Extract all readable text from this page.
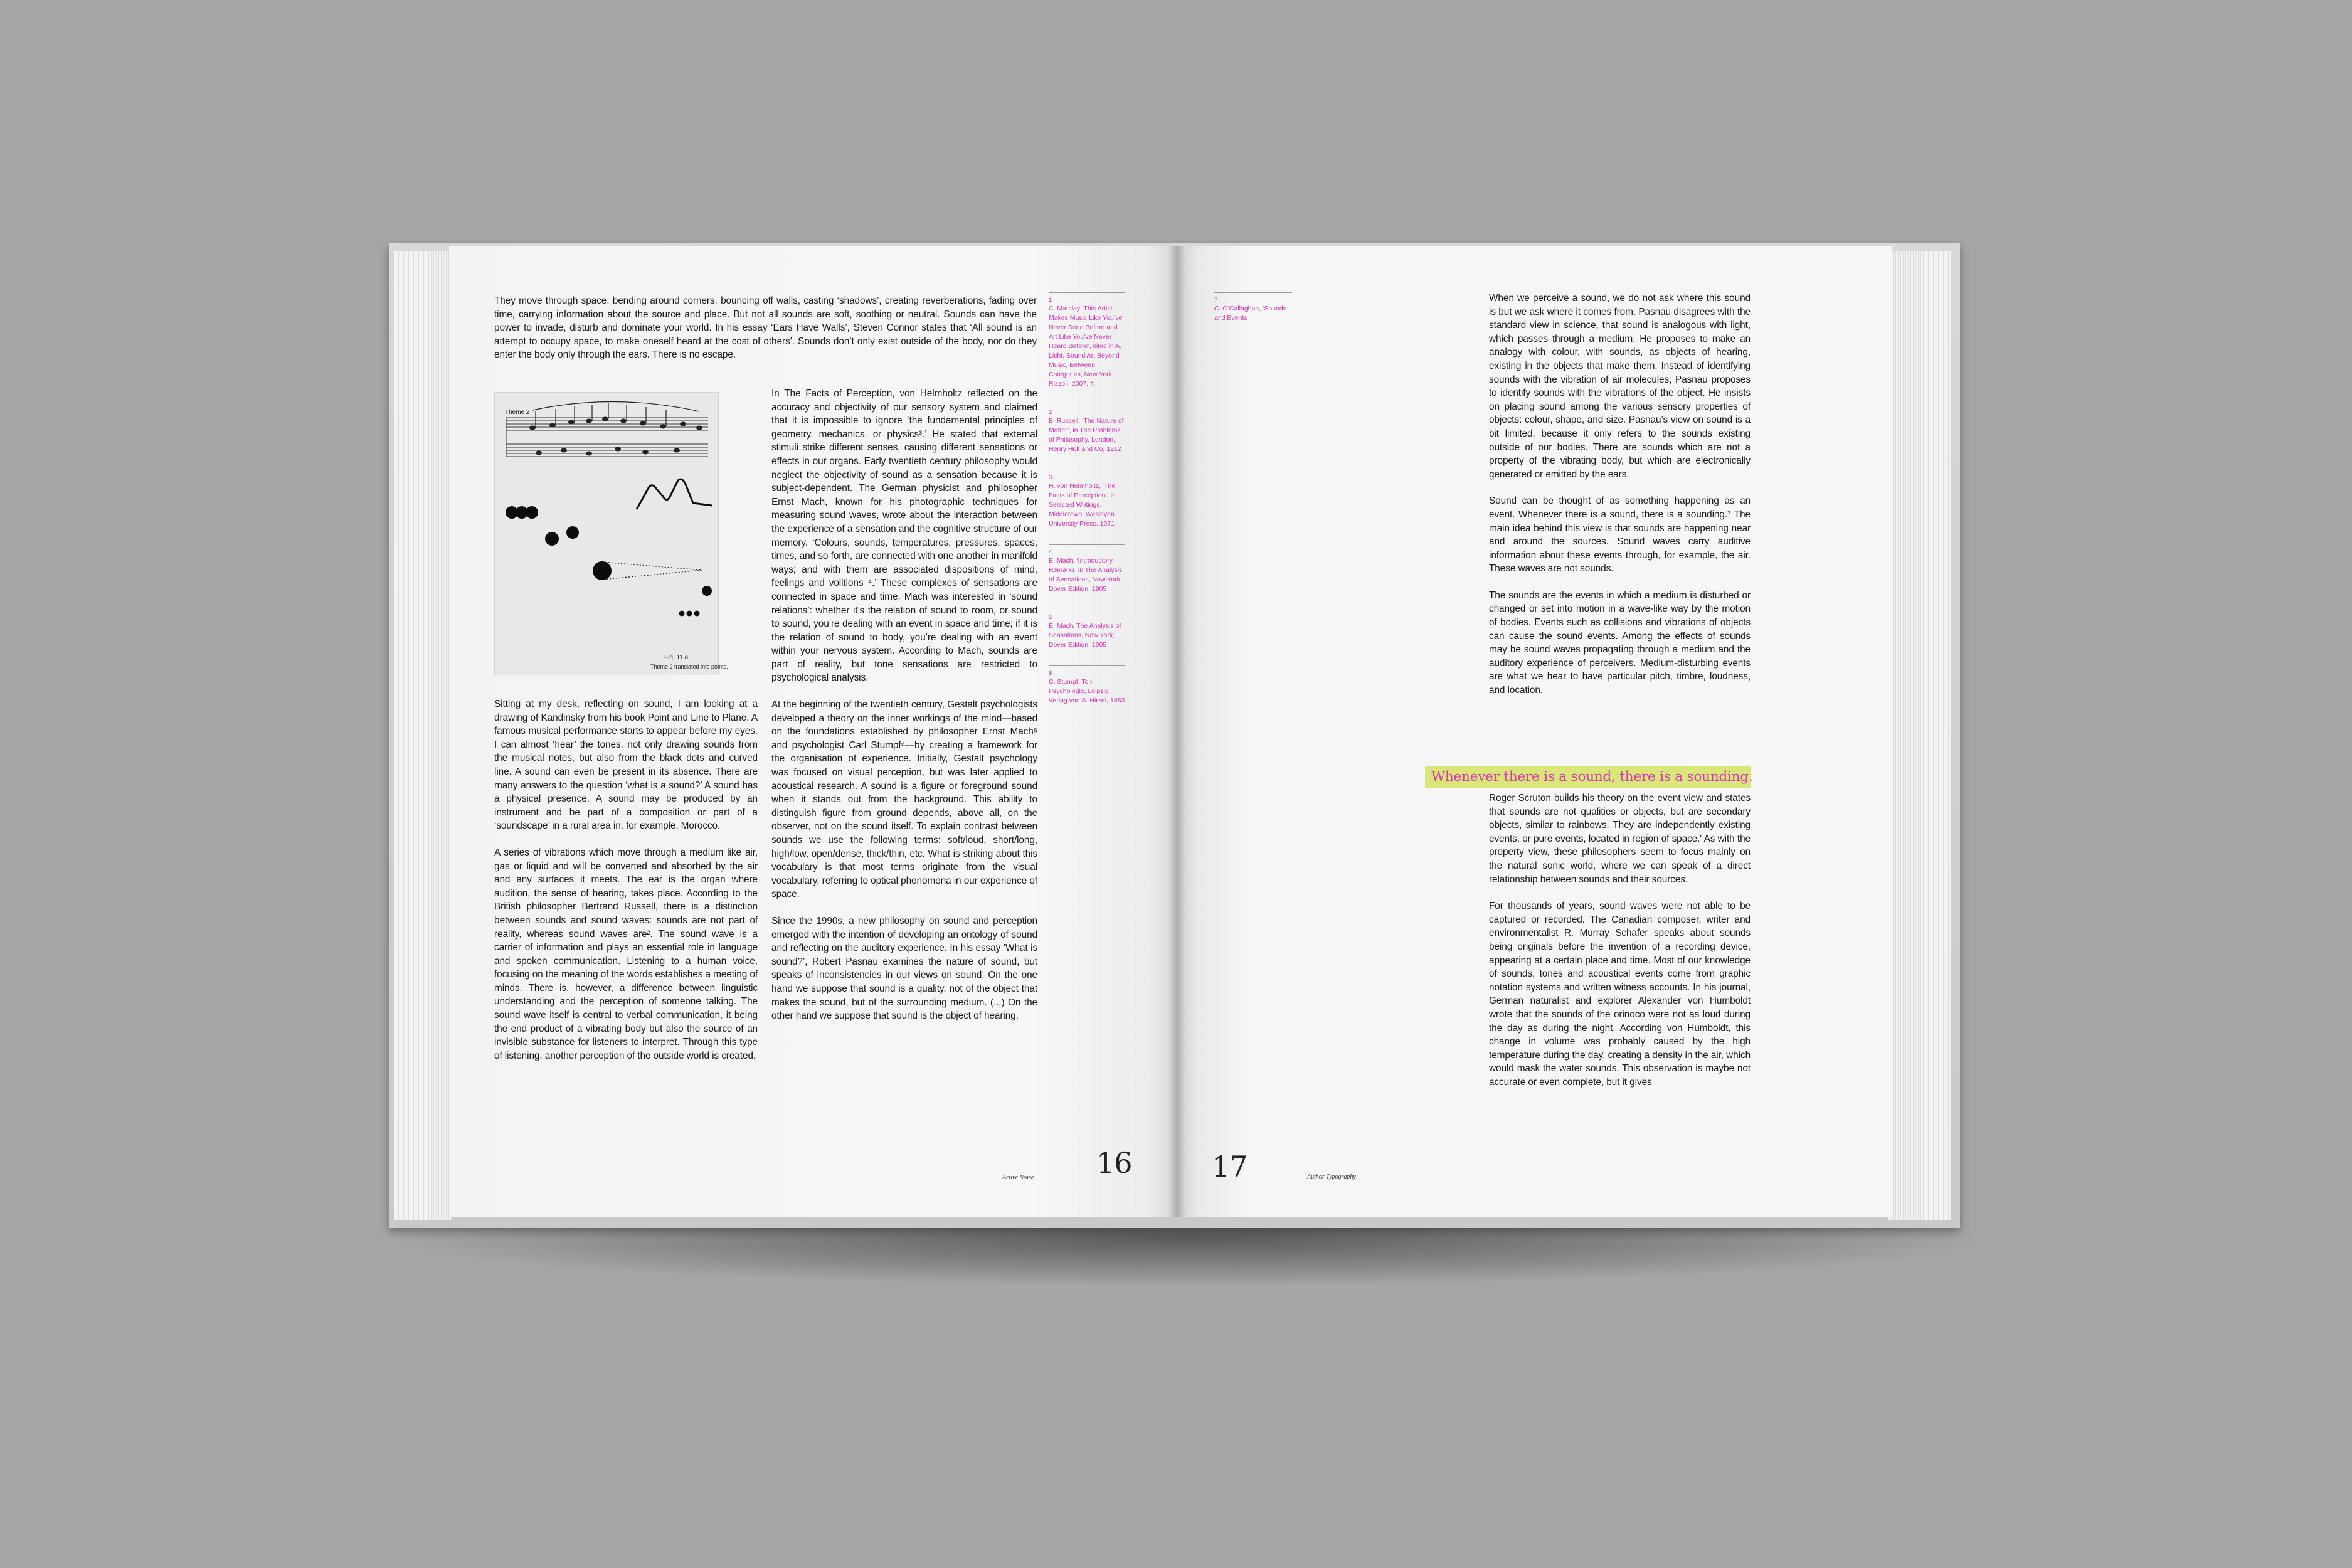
They move through space, bending around corners, bouncing off walls, casting ‘shadows’, creating reverberations, fading over time, carrying information about the source and place. But not all sounds are soft, soothing or neutral. Sounds can have the power to invade, disturb and dominate your world. In his essay ‘Ears Have Walls’, Steven Connor states that ‘All sound is an attempt to occupy space, to make oneself heard at the cost of others’. Sounds don’t only exist outside of the body, nor do they enter the body only through the ears. There is no escape.

Theme 2
Fig. 11 a
Theme 2 translated into points.

Sitting at my desk, reflecting on sound, I am looking at a drawing of Kandinsky from his book Point and Line to Plane. A famous musical performance starts to appear before my eyes. I can almost ‘hear’ the tones, not only drawing sounds from the musical notes, but also from the black dots and curved line. A sound can even be present in its absence. There are many answers to the question ‘what is a sound?’ A sound has a physical presence. A sound may be produced by an instrument and be part of a composition or part of a ‘soundscape’ in a rural area in, for example, Morocco.

A series of vibrations which move through a medium like air, gas or liquid and will be converted and absorbed by the air and any surfaces it meets. The ear is the organ where audition, the sense of hearing, takes place. According to the British philosopher Bertrand Russell, there is a distinction between sounds and sound waves: sounds are not part of reality, whereas sound waves are². The sound wave is a carrier of information and plays an essential role in language and spoken communication. Listening to a human voice, focusing on the meaning of the words establishes a meeting of minds. There is, however, a difference between linguistic understanding and the perception of someone talking. The sound wave itself is central to verbal communication, it being the end product of a vibrating body but also the source of an invisible substance for listeners to interpret. Through this type of listening, another perception of the outside world is created.

In The Facts of Perception, von Helmholtz reflected on the accuracy and objectivity of our sensory system and claimed that it is impossible to ignore ‘the fundamental principles of geometry, mechanics, or physics³.’ He stated that external stimuli strike different senses, causing different sensations or effects in our organs. Early twentieth century philosophy would neglect the objectivity of sound as a sensation because it is subject-dependent. The German physicist and philosopher Ernst Mach, known for his photographic techniques for measuring sound waves, wrote about the interaction between the experience of a sensation and the cognitive structure of our memory. ‘Colours, sounds, temperatures, pressures, spaces, times, and so forth, are connected with one another in manifold ways; and with them are associated dispositions of mind, feelings and volitions ⁴.’ These complexes of sensations are connected in space and time. Mach was interested in ‘sound relations’: whether it’s the relation of sound to room, or sound to sound, you’re dealing with an event in space and time; if it is the relation of sound to body, you’re dealing with an event within your nervous system. According to Mach, sounds are part of reality, but tone sensations are restricted to psychological analysis.

At the beginning of the twentieth century, Gestalt psychologists developed a theory on the inner workings of the mind—based on the foundations established by philosopher Ernst Mach⁵ and psychologist Carl Stumpf⁶—by creating a framework for the organisation of experience. Initially, Gestalt psychology was focused on visual perception, but was later applied to acoustical research. A sound is a figure or foreground sound when it stands out from the background. This ability to distinguish figure from ground depends, above all, on the observer, not on the sound itself. To explain contrast between sounds we use the following terms: soft/loud, short/long, high/low, open/dense, thick/thin, etc. What is striking about this vocabulary is that most terms originate from the visual vocabulary, referring to optical phenomena in our experience of space.

Since the 1990s, a new philosophy on sound and perception emerged with the intention of developing an ontology of sound and reflecting on the auditory experience. In his essay ‘What is sound?’, Robert Pasnau examines the nature of sound, but speaks of inconsistencies in our views on sound: On the one hand we suppose that sound is a quality, not of the object that makes the sound, but of the surrounding medium. (...) On the other hand we suppose that sound is the object of hearing.

1
C. Marclay ‘This Artist Makes Music Like You’ve Never Seen Before and Art Like You’ve Never Heard Before’, cited in A. Licht, Sound Art Beyond Music, Between Categories, New York, Rizzoli, 2007, ff.
2
B. Russell, ‘The Nature of Matter’, in The Problems of Philosophy, London, Henry Holt and Co, 1912
3
H. von Helmholtz, ‘The Facts of Perception’, in Selected Writings, Middletown, Wesleyan University Press, 1971
4
E. Mach, ‘Introductory Remarks’ in The Analysis of Sensations, New York, Dover Edition, 1905
5
E. Mach, The Analysis of Sensations, New York, Dover Edition, 1905
6
C. Stumpf, Ton Psychologie, Leipzig, Verlag von S. Hirzel, 1883
Active Noise 16
7
C. O’Callaghan, ‘Sounds and Events’

When we perceive a sound, we do not ask where this sound is but we ask where it comes from. Pasnau disagrees with the standard view in science, that sound is analogous with light, which passes through a medium. He proposes to make an analogy with colour, with sounds, as objects of hearing, existing in the objects that make them. Instead of identifying sounds with the vibration of air molecules, Pasnau proposes to identify sounds with the vibrations of the object. He insists on placing sound among the various sensory properties of objects: colour, shape, and size. Pasnau’s view on sound is a bit limited, because it only refers to the sounds existing outside of our bodies. There are sounds which are not a property of the vibrating body, but which are electronically generated or emitted by the ears.

Sound can be thought of as something happening as an event. Whenever there is a sound, there is a sounding.⁷ The main idea behind this view is that sounds are happening near and around the sources. Sound waves carry auditive information about these events through, for example, the air. These waves are not sounds.

The sounds are the events in which a medium is disturbed or changed or set into motion in a wave-like way by the motion of bodies. Events such as collisions and vibrations of objects can cause the sound events. Among the effects of sounds may be sound waves propagating through a medium and the auditory experience of perceivers. Medium-disturbing events are what we hear to have particular pitch, timbre, loudness, and location.

Whenever there is a sound, there is a sounding.

Roger Scruton builds his theory on the event view and states that sounds are not qualities or objects, but are secondary objects, similar to rainbows. They are independently existing events, or pure events, located in region of space.' As with the property view, these philosophers seem to focus mainly on the natural sonic world, where we can speak of a direct relationship between sounds and their sources.

For thousands of years, sound waves were not able to be captured or recorded. The Canadian composer, writer and environmentalist R. Murray Schafer speaks about sounds being originals before the invention of a recording device, appearing at a certain place and time. Most of our knowledge of sounds, tones and acoustical events come from graphic notation systems and written witness accounts. In his journal, German naturalist and explorer Alexander von Humboldt wrote that the sounds of the orinoco were not as loud during the day as during the night. According von Humboldt, this change in volume was probably caused by the high temperature during the day, creating a density in the air, which would mask the water sounds. This observation is maybe not accurate or even complete, but it gives

17	Author Typography
